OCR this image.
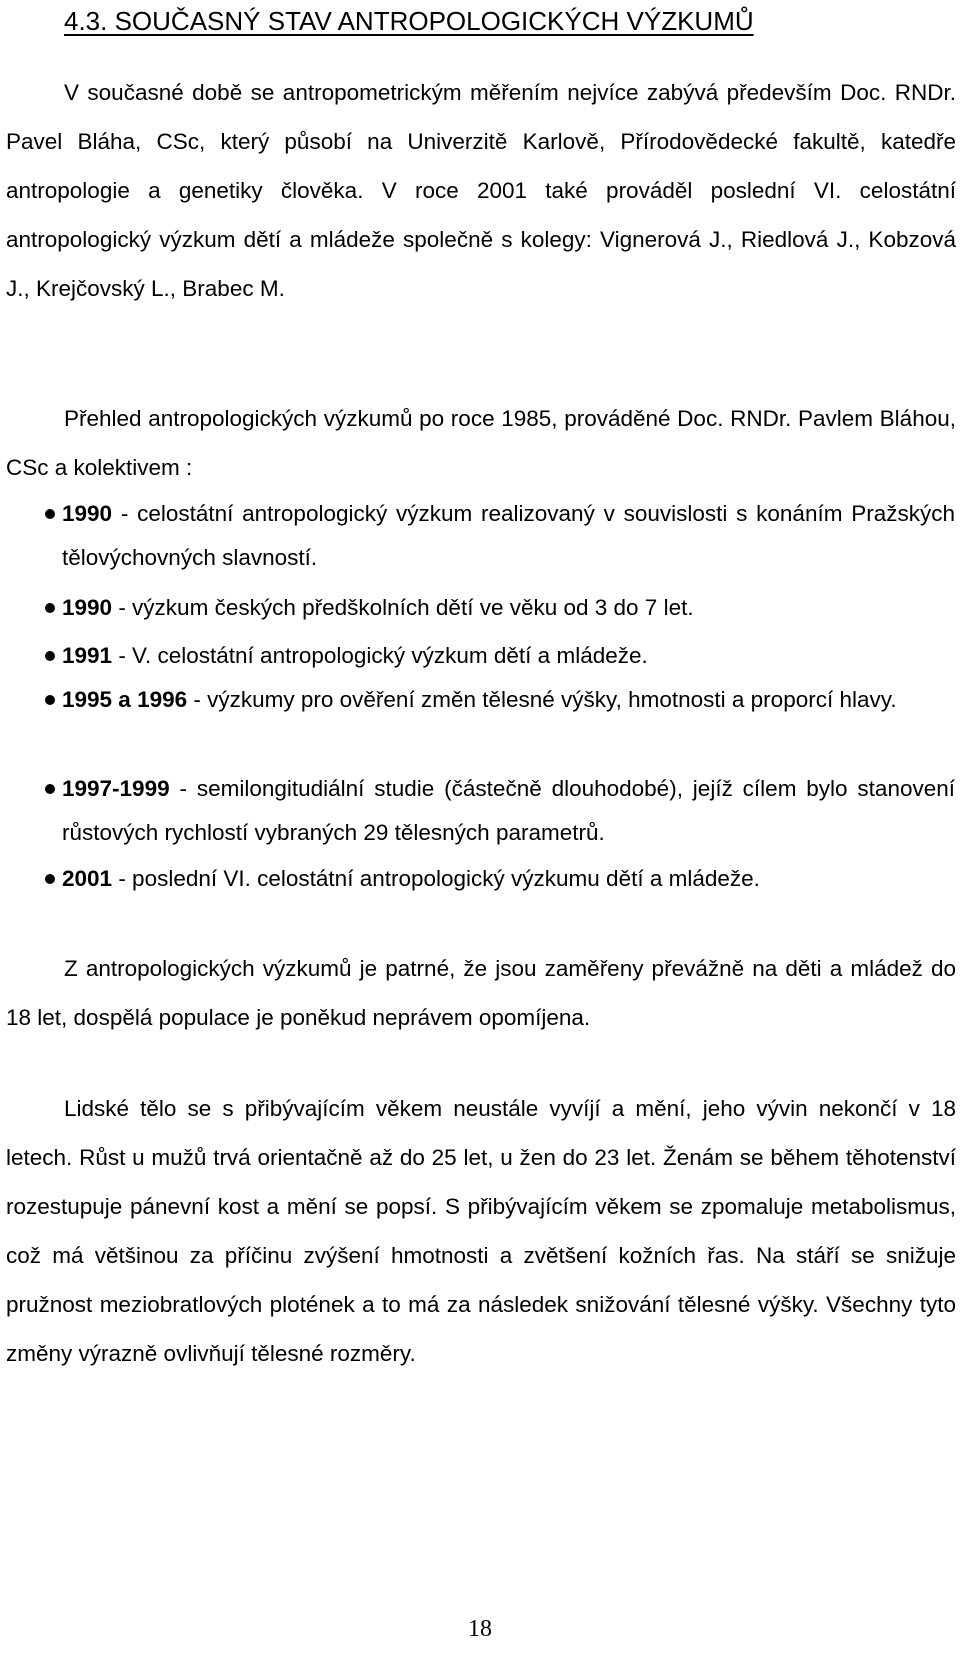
4.3. SOUČASNÝ STAV ANTROPOLOGICKÝCH VÝZKUMŮ

V současné době se antropometrickým měřením nejvíce zabývá především Doc. RNDr. Pavel Bláha, CSc, který působí na Univerzitě Karlově, Přírodovědecké fakultě, katedře antropologie a genetiky člověka. V roce 2001 také prováděl poslední VI. celostátní antropologický výzkum dětí a mládeže společně s kolegy: Vignerová J., Riedlová J., Kobzová J., Krejčovský L., Brabec M.

Přehled antropologických výzkumů po roce 1985, prováděné Doc. RNDr. Pavlem Bláhou, CSc a kolektivem :

1990 - celostátní antropologický výzkum realizovaný v souvislosti s konáním Pražských tělovýchovných slavností.
1990 - výzkum českých předškolních dětí ve věku od 3 do 7 let.
1991 - V. celostátní antropologický výzkum dětí a mládeže.
1995 a 1996 - výzkumy pro ověření změn tělesné výšky, hmotnosti a proporcí hlavy.
1997-1999 - semilongitudiální studie (částečně dlouhodobé), jejíž cílem bylo stanovení růstových rychlostí vybraných 29 tělesných parametrů.
2001 - poslední VI. celostátní antropologický výzkumu dětí a mládeže.

Z antropologických výzkumů je patrné, že jsou zaměřeny převážně na děti a mládež do 18 let, dospělá populace je poněkud neprávem opomíjena.

Lidské tělo se s přibývajícím věkem neustále vyvíjí a mění, jeho vývin nekončí v 18 letech. Růst u mužů trvá orientačně až do 25 let, u žen do 23 let. Ženám se během těhotenství rozestupuje pánevní kost a mění se popsí. S přibývajícím věkem se zpomaluje metabolismus, což má většinou za příčinu zvýšení hmotnosti a zvětšení kožních řas. Na stáří se snižuje pružnost meziobratlových plotének a to má za následek snižování tělesné výšky. Všechny tyto změny výrazně ovlivňují tělesné rozměry.

18
